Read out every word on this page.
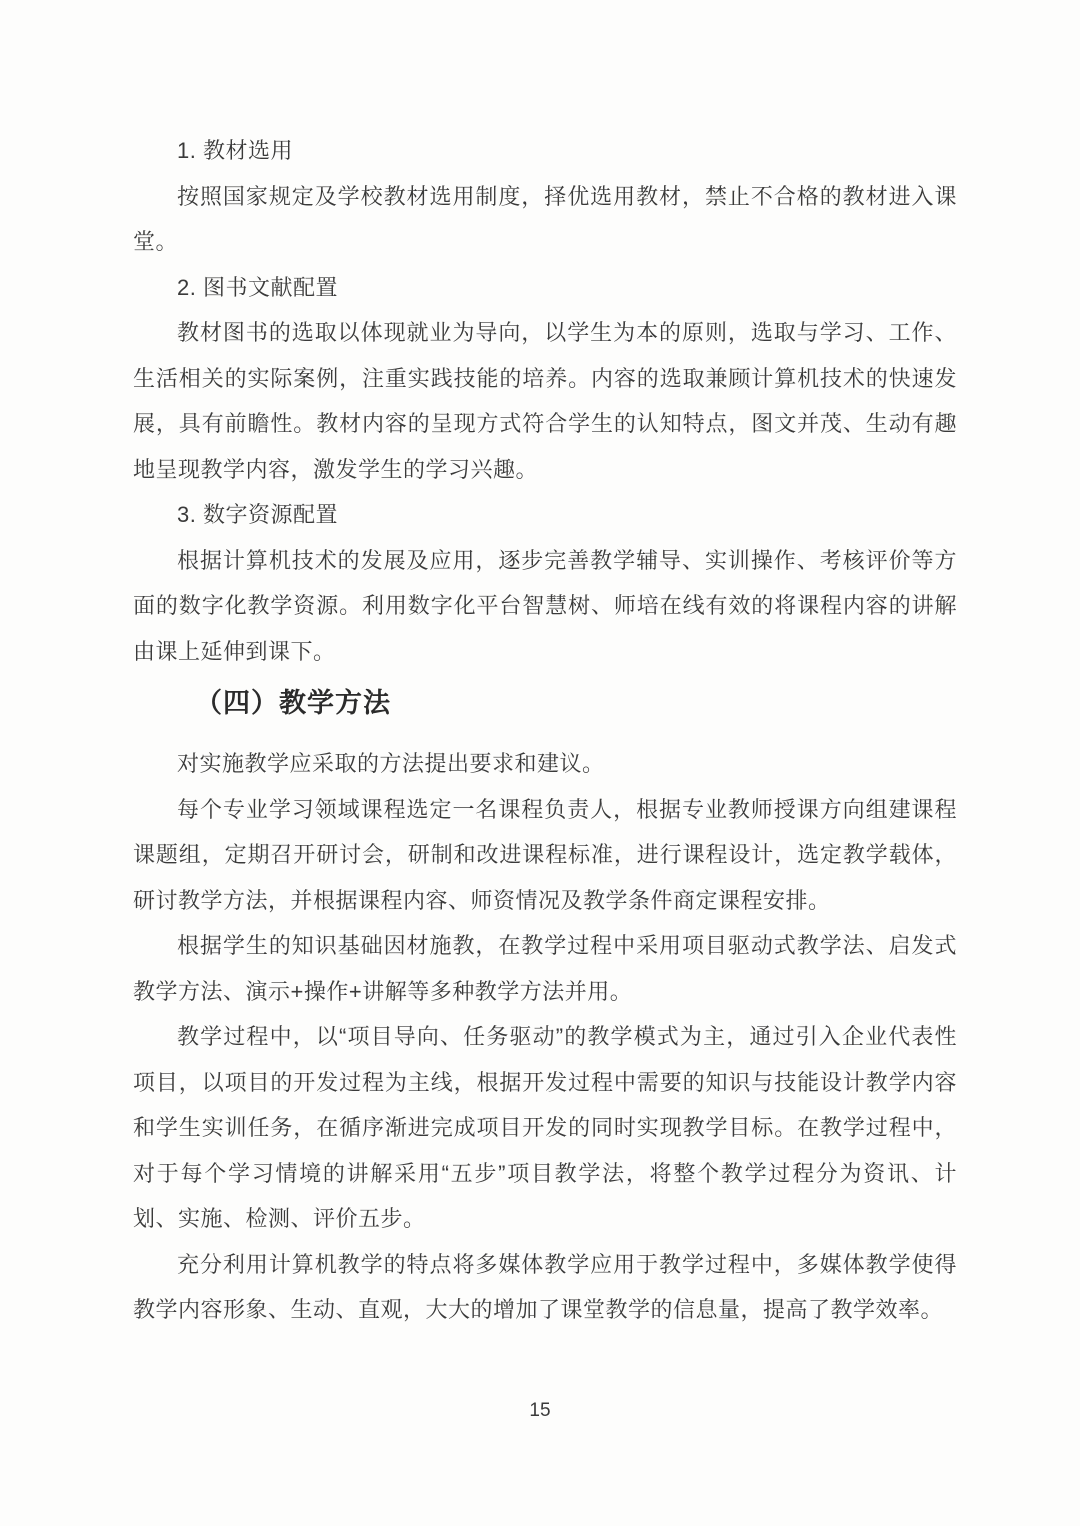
1. 教材选用

按照国家规定及学校教材选用制度，择优选用教材，禁止不合格的教材进入课堂。

2. 图书文献配置

教材图书的选取以体现就业为导向，以学生为本的原则，选取与学习、工作、生活相关的实际案例，注重实践技能的培养。内容的选取兼顾计算机技术的快速发展，具有前瞻性。教材内容的呈现方式符合学生的认知特点，图文并茂、生动有趣地呈现教学内容，激发学生的学习兴趣。

3. 数字资源配置

根据计算机技术的发展及应用，逐步完善教学辅导、实训操作、考核评价等方面的数字化教学资源。利用数字化平台智慧树、师培在线有效的将课程内容的讲解由课上延伸到课下。

（四）教学方法

对实施教学应采取的方法提出要求和建议。

每个专业学习领域课程选定一名课程负责人，根据专业教师授课方向组建课程课题组，定期召开研讨会，研制和改进课程标准，进行课程设计，选定教学载体，研讨教学方法，并根据课程内容、师资情况及教学条件商定课程安排。

根据学生的知识基础因材施教，在教学过程中采用项目驱动式教学法、启发式教学方法、演示+操作+讲解等多种教学方法并用。

教学过程中，以“项目导向、任务驱动”的教学模式为主，通过引入企业代表性项目，以项目的开发过程为主线，根据开发过程中需要的知识与技能设计教学内容和学生实训任务，在循序渐进完成项目开发的同时实现教学目标。在教学过程中，对于每个学习情境的讲解采用“五步”项目教学法，将整个教学过程分为资讯、计划、实施、检测、评价五步。

充分利用计算机教学的特点将多媒体教学应用于教学过程中，多媒体教学使得教学内容形象、生动、直观，大大的增加了课堂教学的信息量，提高了教学效率。

15
